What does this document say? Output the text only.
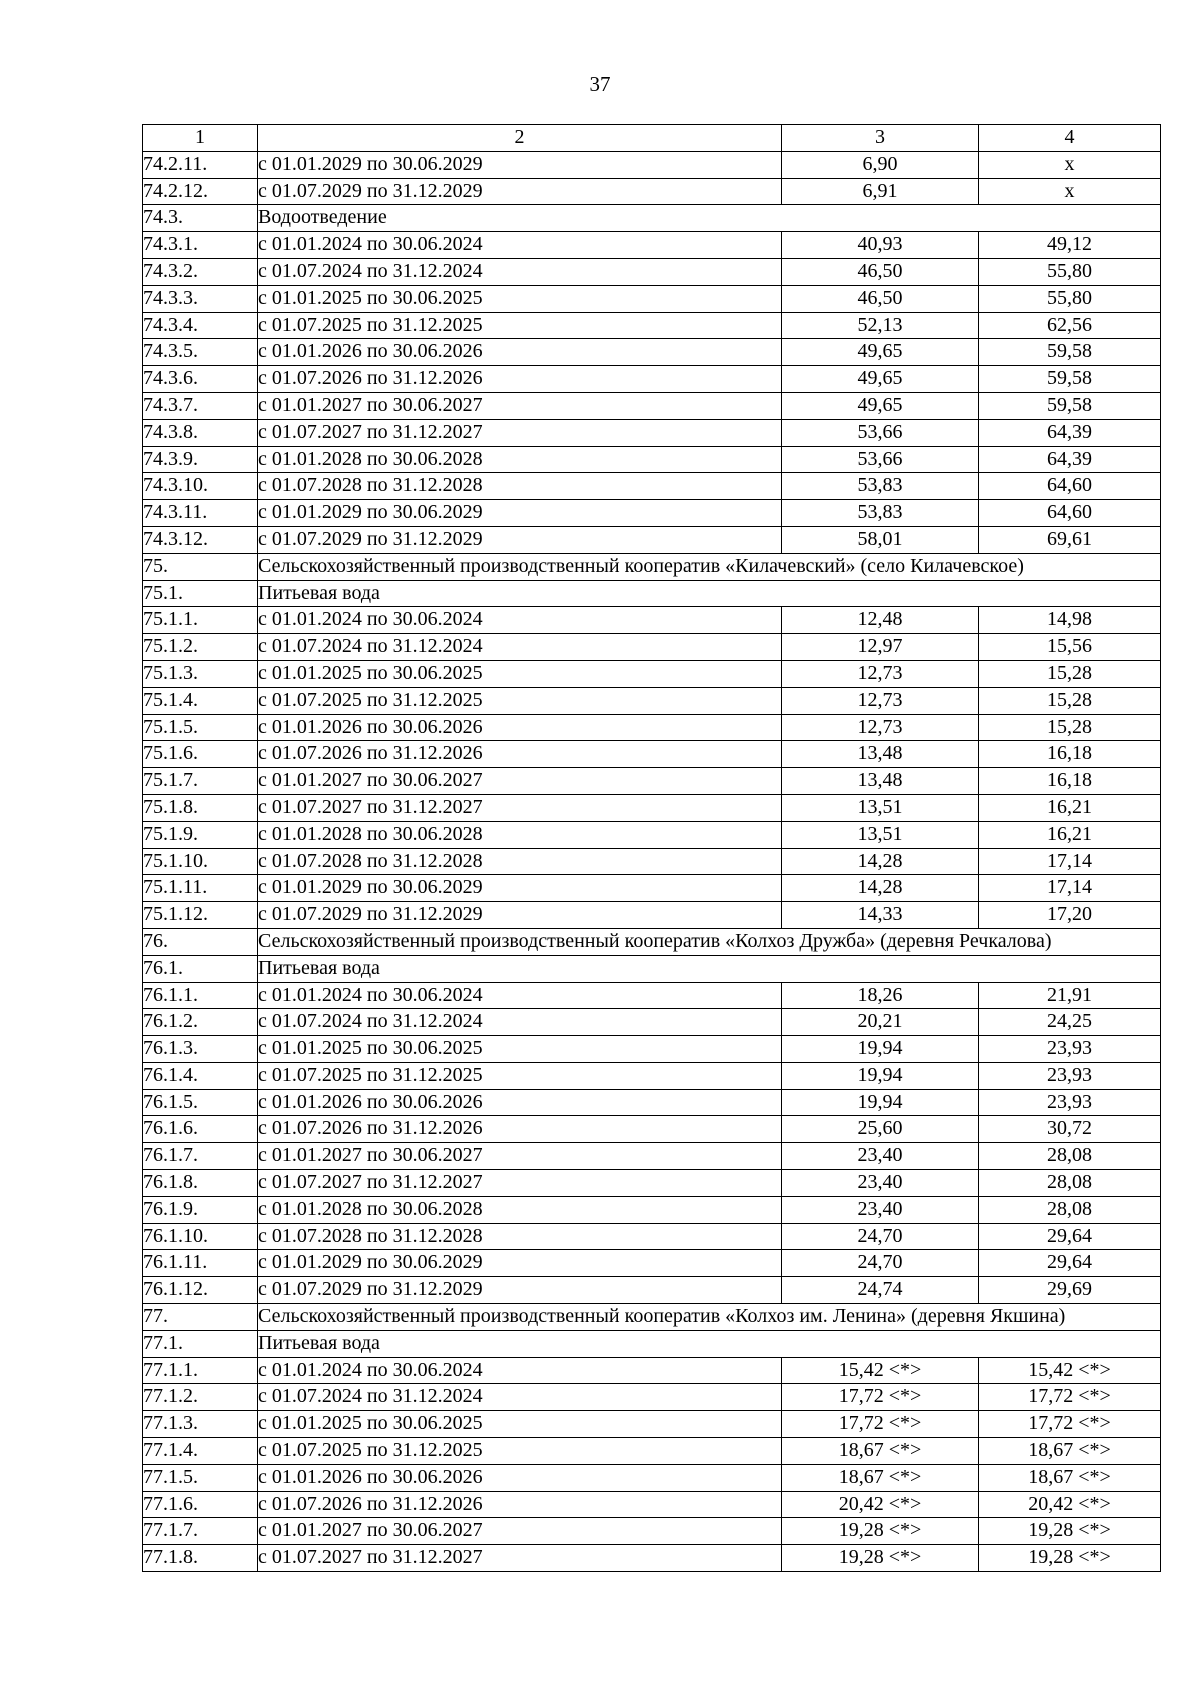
37
1	2	3	4
74.2.11.	с 01.01.2029 по 30.06.2029	6,90	х
74.2.12.	с 01.07.2029 по 31.12.2029	6,91	х
74.3.	Водоотведение		
74.3.1.	с 01.01.2024 по 30.06.2024	40,93	49,12
74.3.2.	с 01.07.2024 по 31.12.2024	46,50	55,80
74.3.3.	с 01.01.2025 по 30.06.2025	46,50	55,80
74.3.4.	с 01.07.2025 по 31.12.2025	52,13	62,56
74.3.5.	с 01.01.2026 по 30.06.2026	49,65	59,58
74.3.6.	с 01.07.2026 по 31.12.2026	49,65	59,58
74.3.7.	с 01.01.2027 по 30.06.2027	49,65	59,58
74.3.8.	с 01.07.2027 по 31.12.2027	53,66	64,39
74.3.9.	с 01.01.2028 по 30.06.2028	53,66	64,39
74.3.10.	с 01.07.2028 по 31.12.2028	53,83	64,60
74.3.11.	с 01.01.2029 по 30.06.2029	53,83	64,60
74.3.12.	с 01.07.2029 по 31.12.2029	58,01	69,61
75.	Сельскохозяйственный производственный кооператив «Килачевский» (село Килачевское)		
75.1.	Питьевая вода		
75.1.1.	с 01.01.2024 по 30.06.2024	12,48	14,98
75.1.2.	с 01.07.2024 по 31.12.2024	12,97	15,56
75.1.3.	с 01.01.2025 по 30.06.2025	12,73	15,28
75.1.4.	с 01.07.2025 по 31.12.2025	12,73	15,28
75.1.5.	с 01.01.2026 по 30.06.2026	12,73	15,28
75.1.6.	с 01.07.2026 по 31.12.2026	13,48	16,18
75.1.7.	с 01.01.2027 по 30.06.2027	13,48	16,18
75.1.8.	с 01.07.2027 по 31.12.2027	13,51	16,21
75.1.9.	с 01.01.2028 по 30.06.2028	13,51	16,21
75.1.10.	с 01.07.2028 по 31.12.2028	14,28	17,14
75.1.11.	с 01.01.2029 по 30.06.2029	14,28	17,14
75.1.12.	с 01.07.2029 по 31.12.2029	14,33	17,20
76.	Сельскохозяйственный производственный кооператив «Колхоз Дружба» (деревня Речкалова)		
76.1.	Питьевая вода		
76.1.1.	с 01.01.2024 по 30.06.2024	18,26	21,91
76.1.2.	с 01.07.2024 по 31.12.2024	20,21	24,25
76.1.3.	с 01.01.2025 по 30.06.2025	19,94	23,93
76.1.4.	с 01.07.2025 по 31.12.2025	19,94	23,93
76.1.5.	с 01.01.2026 по 30.06.2026	19,94	23,93
76.1.6.	с 01.07.2026 по 31.12.2026	25,60	30,72
76.1.7.	с 01.01.2027 по 30.06.2027	23,40	28,08
76.1.8.	с 01.07.2027 по 31.12.2027	23,40	28,08
76.1.9.	с 01.01.2028 по 30.06.2028	23,40	28,08
76.1.10.	с 01.07.2028 по 31.12.2028	24,70	29,64
76.1.11.	с 01.01.2029 по 30.06.2029	24,70	29,64
76.1.12.	с 01.07.2029 по 31.12.2029	24,74	29,69
77.	Сельскохозяйственный производственный кооператив «Колхоз им. Ленина» (деревня Якшина)		
77.1.	Питьевая вода		
77.1.1.	с 01.01.2024 по 30.06.2024	15,42 <*>	15,42 <*>
77.1.2.	с 01.07.2024 по 31.12.2024	17,72 <*>	17,72 <*>
77.1.3.	с 01.01.2025 по 30.06.2025	17,72 <*>	17,72 <*>
77.1.4.	с 01.07.2025 по 31.12.2025	18,67 <*>	18,67 <*>
77.1.5.	с 01.01.2026 по 30.06.2026	18,67 <*>	18,67 <*>
77.1.6.	с 01.07.2026 по 31.12.2026	20,42 <*>	20,42 <*>
77.1.7.	с 01.01.2027 по 30.06.2027	19,28 <*>	19,28 <*>
77.1.8.	с 01.07.2027 по 31.12.2027	19,28 <*>	19,28 <*>
